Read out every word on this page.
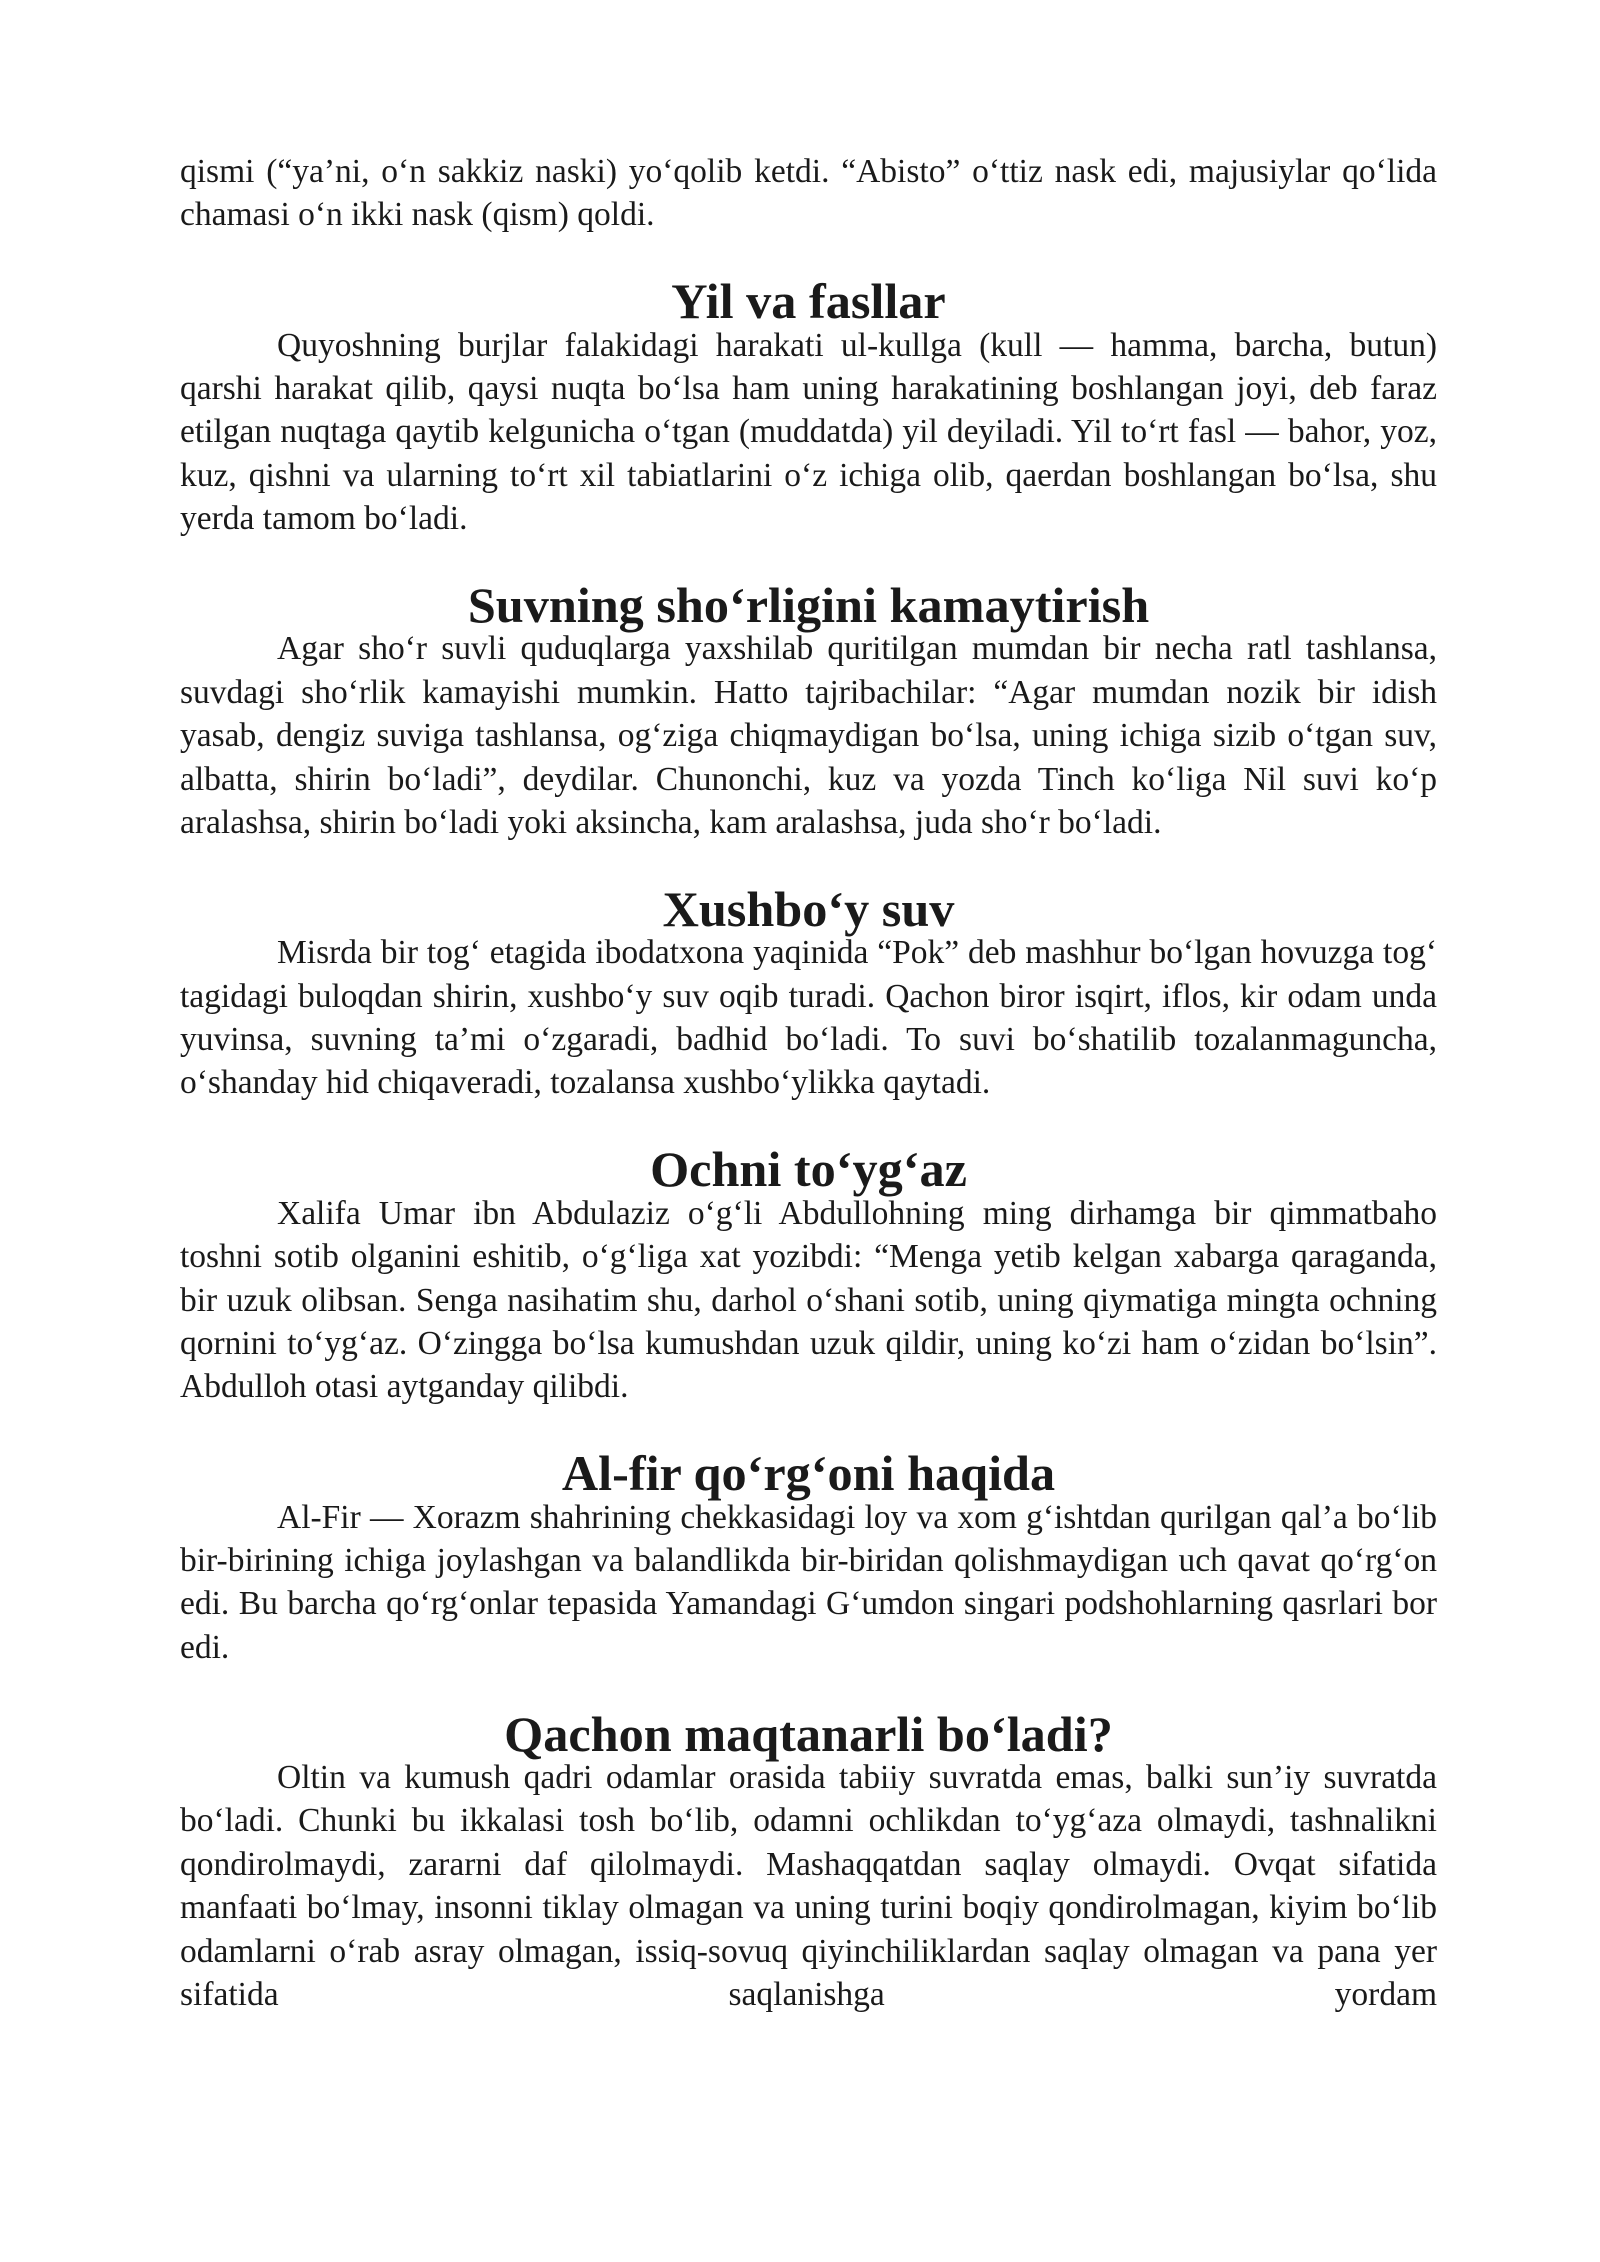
qismi (“ya’ni, o‘n sakkiz naski) yo‘qolib ketdi. “Abisto” o‘ttiz nask edi, majusiylar qo‘lida chamasi o‘n ikki nask (qism) qoldi.

Yil va fasllar

Quyoshning burjlar falakidagi harakati ul-kullga (kull — hamma, barcha, butun) qarshi harakat qilib, qaysi nuqta bo‘lsa ham uning harakatining boshlangan joyi, deb faraz etilgan nuqtaga qaytib kelgunicha o‘tgan (muddatda) yil deyiladi. Yil to‘rt fasl — bahor, yoz, kuz, qishni va ularning to‘rt xil tabiatlarini o‘z ichiga olib, qaerdan boshlangan bo‘lsa, shu yerda tamom bo‘ladi.

Suvning sho‘rligini kamaytirish

Agar sho‘r suvli quduqlarga yaxshilab quritilgan mumdan bir necha ratl tashlansa, suvdagi sho‘rlik kamayishi mumkin. Hatto tajribachilar: “Agar mumdan nozik bir idish yasab, dengiz suviga tashlansa, og‘ziga chiqmaydigan bo‘lsa, uning ichiga sizib o‘tgan suv, albatta, shirin bo‘ladi”, deydilar. Chunonchi, kuz va yozda Tinch ko‘liga Nil suvi ko‘p aralashsa, shirin bo‘ladi yoki aksincha, kam aralashsa, juda sho‘r bo‘ladi.

Xushbo‘y suv

Misrda bir tog‘ etagida ibodatxona yaqinida “Pok” deb mashhur bo‘lgan hovuzga tog‘ tagidagi buloqdan shirin, xushbo‘y suv oqib turadi. Qachon biror isqirt, iflos, kir odam unda yuvinsa, suvning ta’mi o‘zgaradi, badhid bo‘ladi. To suvi bo‘shatilib tozalanmaguncha, o‘shanday hid chiqaveradi, tozalansa xushbo‘ylikka qaytadi.

Ochni to‘yg‘az

Xalifa Umar ibn Abdulaziz o‘g‘li Abdullohning ming dirhamga bir qimmatbaho toshni sotib olganini eshitib, o‘g‘liga xat yozibdi: “Menga yetib kelgan xabarga qaraganda, bir uzuk olibsan. Senga nasihatim shu, darhol o‘shani sotib, uning qiymatiga mingta ochning qornini to‘yg‘az. O‘zingga bo‘lsa kumushdan uzuk qildir, uning ko‘zi ham o‘zidan bo‘lsin”. Abdulloh otasi aytganday qilibdi.

Al-fir qo‘rg‘oni haqida

Al-Fir — Xorazm shahrining chekkasidagi loy va xom g‘ishtdan qurilgan qal’a bo‘lib bir-birining ichiga joylashgan va balandlikda bir-biridan qolishmaydigan uch qavat qo‘rg‘on edi. Bu barcha qo‘rg‘onlar tepasida Yamandagi G‘umdon singari podshohlarning qasrlari bor edi.

Qachon maqtanarli bo‘ladi?

Oltin va kumush qadri odamlar orasida tabiiy suvratda emas, balki sun’iy suvratda bo‘ladi. Chunki bu ikkalasi tosh bo‘lib, odamni ochlikdan to‘yg‘aza olmaydi, tashnalikni qondirolmaydi, zararni daf qilolmaydi. Mashaqqatdan saqlay olmaydi. Ovqat sifatida manfaati bo‘lmay, insonni tiklay olmagan va uning turini boqiy qondirolmagan, kiyim bo‘lib odamlarni o‘rab asray olmagan, issiq-sovuq qiyinchiliklardan saqlay olmagan va pana yer sifatida saqlanishga yordam
